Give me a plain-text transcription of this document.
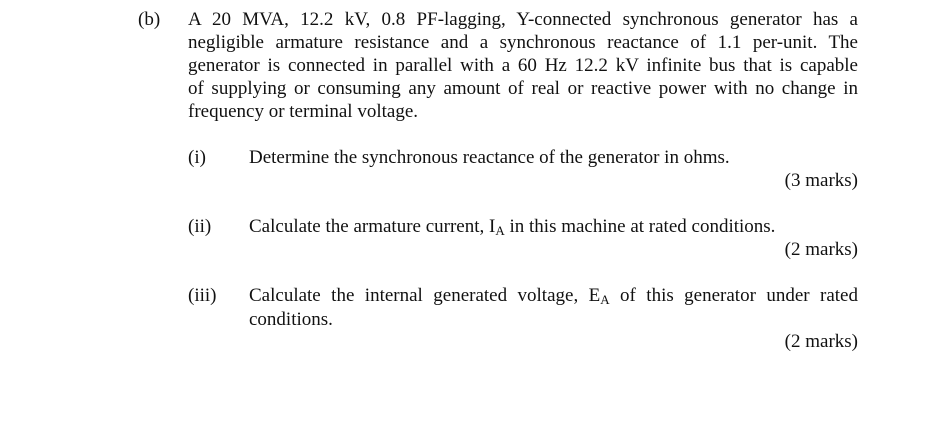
(b) A 20 MVA, 12.2 kV, 0.8 PF-lagging, Y-connected synchronous generator has a
negligible armature resistance and a synchronous reactance of 1.1 per-unit. The
generator is connected in parallel with a 60 Hz 12.2 kV infinite bus that is capable
of supplying or consuming any amount of real or reactive power with no change in
frequency or terminal voltage.
(i) Determine the synchronous reactance of the generator in ohms.
(3 marks)
(ii) Calculate the armature current, IA in this machine at rated conditions.
(2 marks)
(iii) Calculate the internal generated voltage, EA of this generator under rated
conditions.
(2 marks)
